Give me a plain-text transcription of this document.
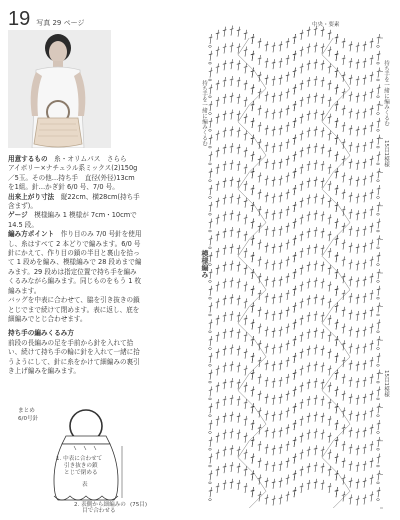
19 写真 29 ページ

用意するもの　糸・オリムパス　さらら

アイボリー×ナチュラル系ミックス(2)150g

／5玉。その他…持ち手　直径(外径)13cm

を1組。針…かぎ針 6/0 号、7/0 号。

出来上がり寸法　縦22cm、横28cm(持ち手

含まず)。

ゲージ　模様編み 1 模様が 7cm・10cmで

14.5 段。

編み方ポイント　作り目のみ 7/0 号針を使用

し、糸はすべて 2 本どりで編みます。6/0 号

針にかえて、作り目の鎖の半目と裏山を拾っ

て 1 段めを編み、模様編みで 28 段めまで編

みます。29 段めは指定位置で持ち手を編み

くるみながら編みます。同じものをもう 1 枚

編みます。

バッグを中表に合わせて、脇を引き抜きの鎖

とじでまで続けて閉めます。表に返し、底を

細編みでとじ合わせます。

持ち手の編みくるみ方

前段の長編みの足を手前から針を入れて拾

い、続けて持ち手の輪に針を入れて一緒に拾

うようにして、針に糸をかけて細編みの裏引

き上げ編みを編みます。

まとめ
6/0号針
1. 中表に合わせて
引き抜きの鎖
とじで閉める
表
2. 表側から細編みの
目で合わせる
(75目)
中央・要素
持ち手を一緒に編みくるむ
持ち手を一緒に編みくるむ
模様編み
15目1模様
15目1模様
